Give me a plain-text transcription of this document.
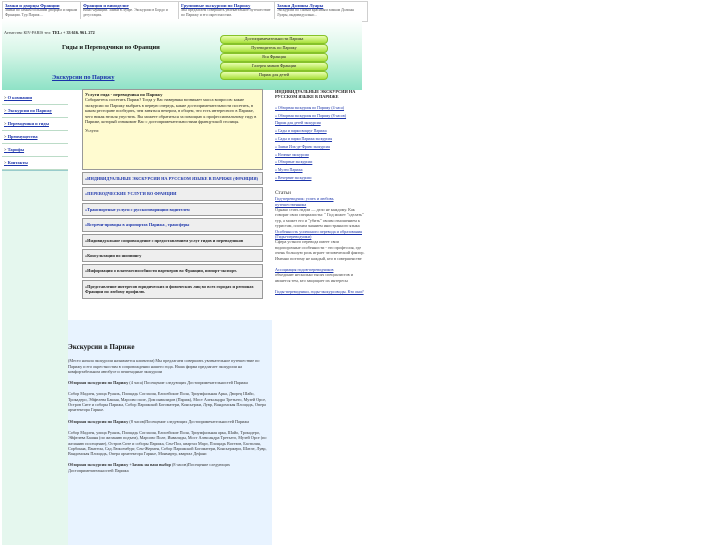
Замки и дворцы Франции
Замки по самым большим дворцам и паркам Франции. Тур Париж ...
Франция и виноделие
Вино Франции. Замки в Луаре. Экскурсии в Бордо и дегустация.
Групповые экскурсии по Парижу
Мы предлагаем совершить увлекательное путешествие по Парижу и его окрестностям.
Замки Долины Луары
Экскурсии по самым красивым замкам Долины Луары, индивидуально...
Агентство КIV-PARIS тел: TEL: + 33 616. 961. 272
Гиды и Переводчики во Франции
Экскурсии по Парижу
Достопримечательности Парижа
Путеводитель по Парижу
Вся Франция
Галерея замков Франции
Париж для детей
> О компании
> Экскурсии по Парижу
> Переводчики и гиды
> Преимущества
> Тарифы
> Контакты
Услуги гида - переводчика по Парижу
Собираетесь посетить Париж? Тогда у Вас наверняка возникает масса вопросов: какие экскурсии по Парижу выбрать в первую очередь, какие достопримечательности посетить, в каком ресторане пообедать, чем заняться вечером, в общем, что есть интересного в Париже, чего никак нельзя упустить. Вы можете обратиться за помощью к профессиональному гиду в Париже, который ознакомит Вас с достопримечательностями французской столицы.
Услуги:
»ИНДИВИДУАЛЬНЫЕ ЭКСКУРСИИ НА РУССКОМ ЯЗЫКЕ В ПАРИЖЕ (ФРАНЦИЯ)
»ПЕРЕВОДЧЕСКИЕ УСЛУГИ ВО ФРАНЦИИ
»Транспортные услуги с русскоговорящим водителем
»Встречи-проводы в аэропортах Парижа , трансферы
»Индивидуальное сопровождение с предоставлением услуг гидов и переводчиков
»Консультации по шоппингу
»Информация о платежеспособности партнеров во Франции, импорт-экспорт.
»Представление интересов юридических и физических лиц во всех городах и регионах Франции по любому профилю.
Экскурсии в Париже

(Место начала экскурсии назначается клиентом) Мы предлагаем совершить увлекательное путешествие по Парижу и его окрестностям в сопровождении нашего гида. Наша фирма предлагает экскурсии на комфортабельном автобусе и пешеходные экскурсии

Обзорная экскурсия по Парижу (4 часа) Посещение следующих Достопримечательностей Парижа

Собор Мадлен, улица Руаяль, Площадь Согласия, Елисейские Поля, Триумфальная Арка, Дворец Шайо, Трокадеро, Эйфелева Башня, Марсово поле, Дом инвалидов (Париж), Мост Александра Третьего, Музей Орсе, Остров Сите и соборы Парижа, Собор Парижской Богоматери, Консьержи, Лувр, Вандомская Площадь, Опера архитектора Гарнье.

Обзорная экскурсия по Парижу (8 часов)Посещение следующих Достопримечательностей Парижа

Собор Мадлен, улица Руаяль, Площадь Согласия, Елисейские Поля, Триумфальная арка, Шайо, Трокадеро, Эйфелева Башня (по желанию подъем), Марсово Поле, Инвалиды, Мост Александра Третьего, Музей Орсе (по желанию посещение), Остров Сите и соборы Парижа, Сен-Пол, квартал Марэ, Площадь Вогезов, Бастилия, Сорбонна, Пантеон, Сад Люксембург, Сен-Жермен, Собор Парижской Богоматери, Консьержери, Шатле, Лувр, Вандомская Площадь, Опера архитектора Гарнье, Монмартр, квартал Дефанс

Обзорная экскурсия по Парижу +Замок на ваш выбор (8 часов)Посещение следующих Достопримечательностей Парижа

ИНДИВИДУАЛЬНЫЕ ЭКСКУРСИИ НА РУССКОМ ЯЗЫКЕ В ПАРИЖЕ
» Обзорная экскурсия по Парижу (4 часа)
» Обзорная экскурсия по Парижу (8 часов)
Париж для детей экскурсия
» Сады и парки вокруг Парижа
» Сады и парки Парижа экскурсия
» Замки Иль-де-Франс экскурсия
» Ночные экскурсии
» Обзорные экскурсии
» Музеи Парижа
» Вечерние экскурсии
Статьи
Гид-переводчик: успех и любовь путешественника
Однако стать гидом — дело не каждому. Как говорят свои специалисты: " Гид может "сделать" тур, а может его и "убить" своим отношением к туристам, плохим знанием иностранного языка
Особенность успешного перевода и образования (Гиды-переводчики)
Сфера устного перевода имеет свои водопорочные особенности - это профессия, где очень большую роль играет человеческий фактор. Именно поэтому не каждый, кто в совершенстве
Ассоциация гидов-переводчиков
объединит несколько тысяч специалистов и является тем, кто защищает их интересы
Гиды-переводчики, гиды-экскурсоводы. Кто они?
